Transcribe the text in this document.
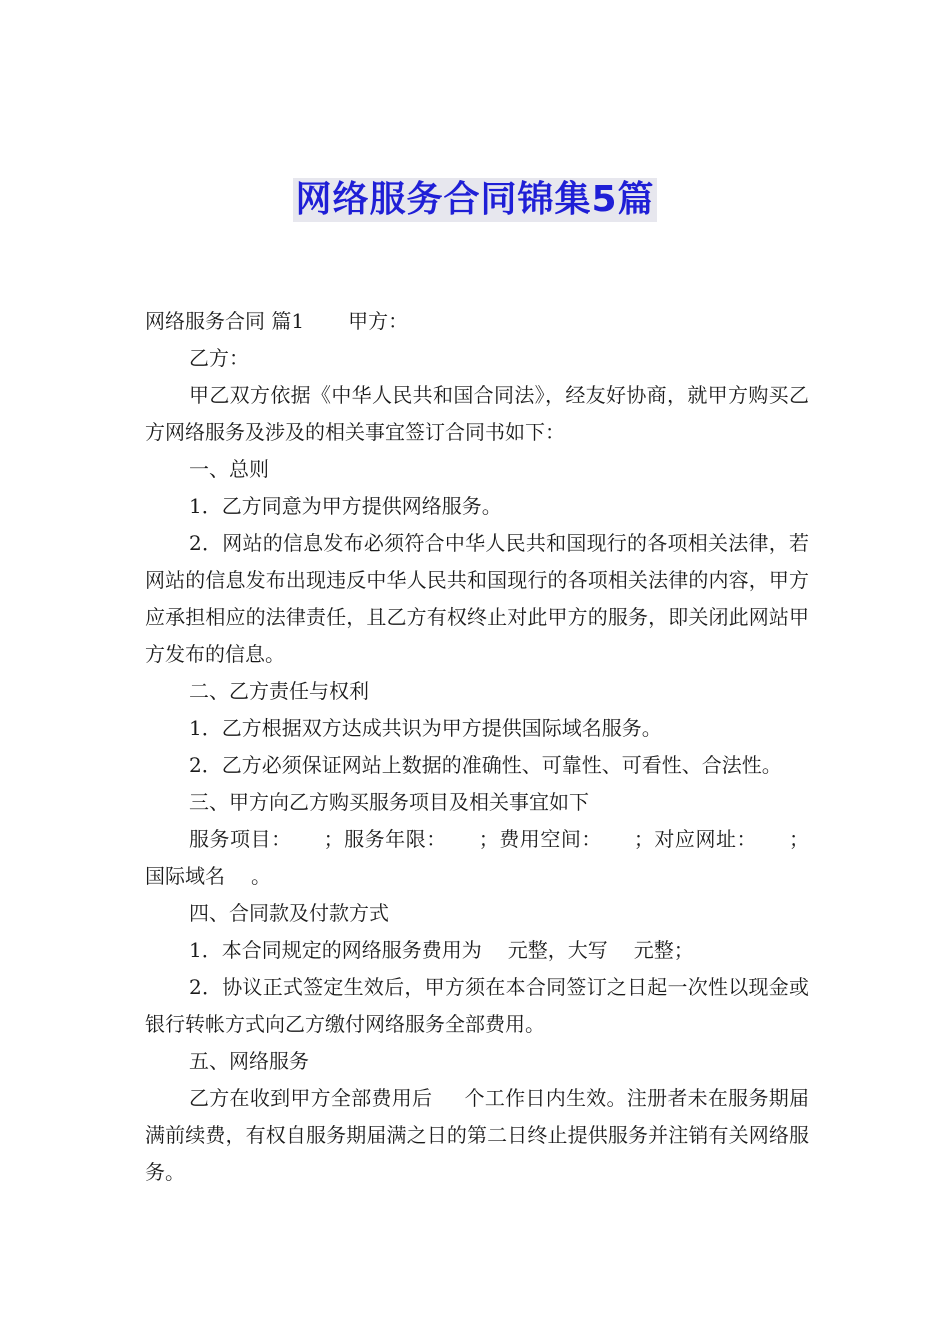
网络服务合同锦集5篇

网络服务合同 篇1 甲方：

乙方：

甲乙双方依据《中华人民共和国合同法》，经友好协商，就甲方购买乙方网络服务及涉及的相关事宜签订合同书如下：

一、总则

1．乙方同意为甲方提供网络服务。

2．网站的信息发布必须符合中华人民共和国现行的各项相关法律，若网站的信息发布出现违反中华人民共和国现行的各项相关法律的内容，甲方应承担相应的法律责任，且乙方有权终止对此甲方的服务，即关闭此网站甲方发布的信息。

二、乙方责任与权利

1．乙方根据双方达成共识为甲方提供国际域名服务。

2．乙方必须保证网站上数据的准确性、可靠性、可看性、合法性。

三、甲方向乙方购买服务项目及相关事宜如下

服务项目： ；服务年限： ；费用空间： ；对应网址： ；国际域名 。

四、合同款及付款方式

1．本合同规定的网络服务费用为 元整，大写 元整；

2．协议正式签定生效后，甲方须在本合同签订之日起一次性以现金或银行转帐方式向乙方缴付网络服务全部费用。

五、网络服务

乙方在收到甲方全部费用后 个工作日内生效。注册者未在服务期届满前续费，有权自服务期届满之日的第二日终止提供服务并注销有关网络服务。
